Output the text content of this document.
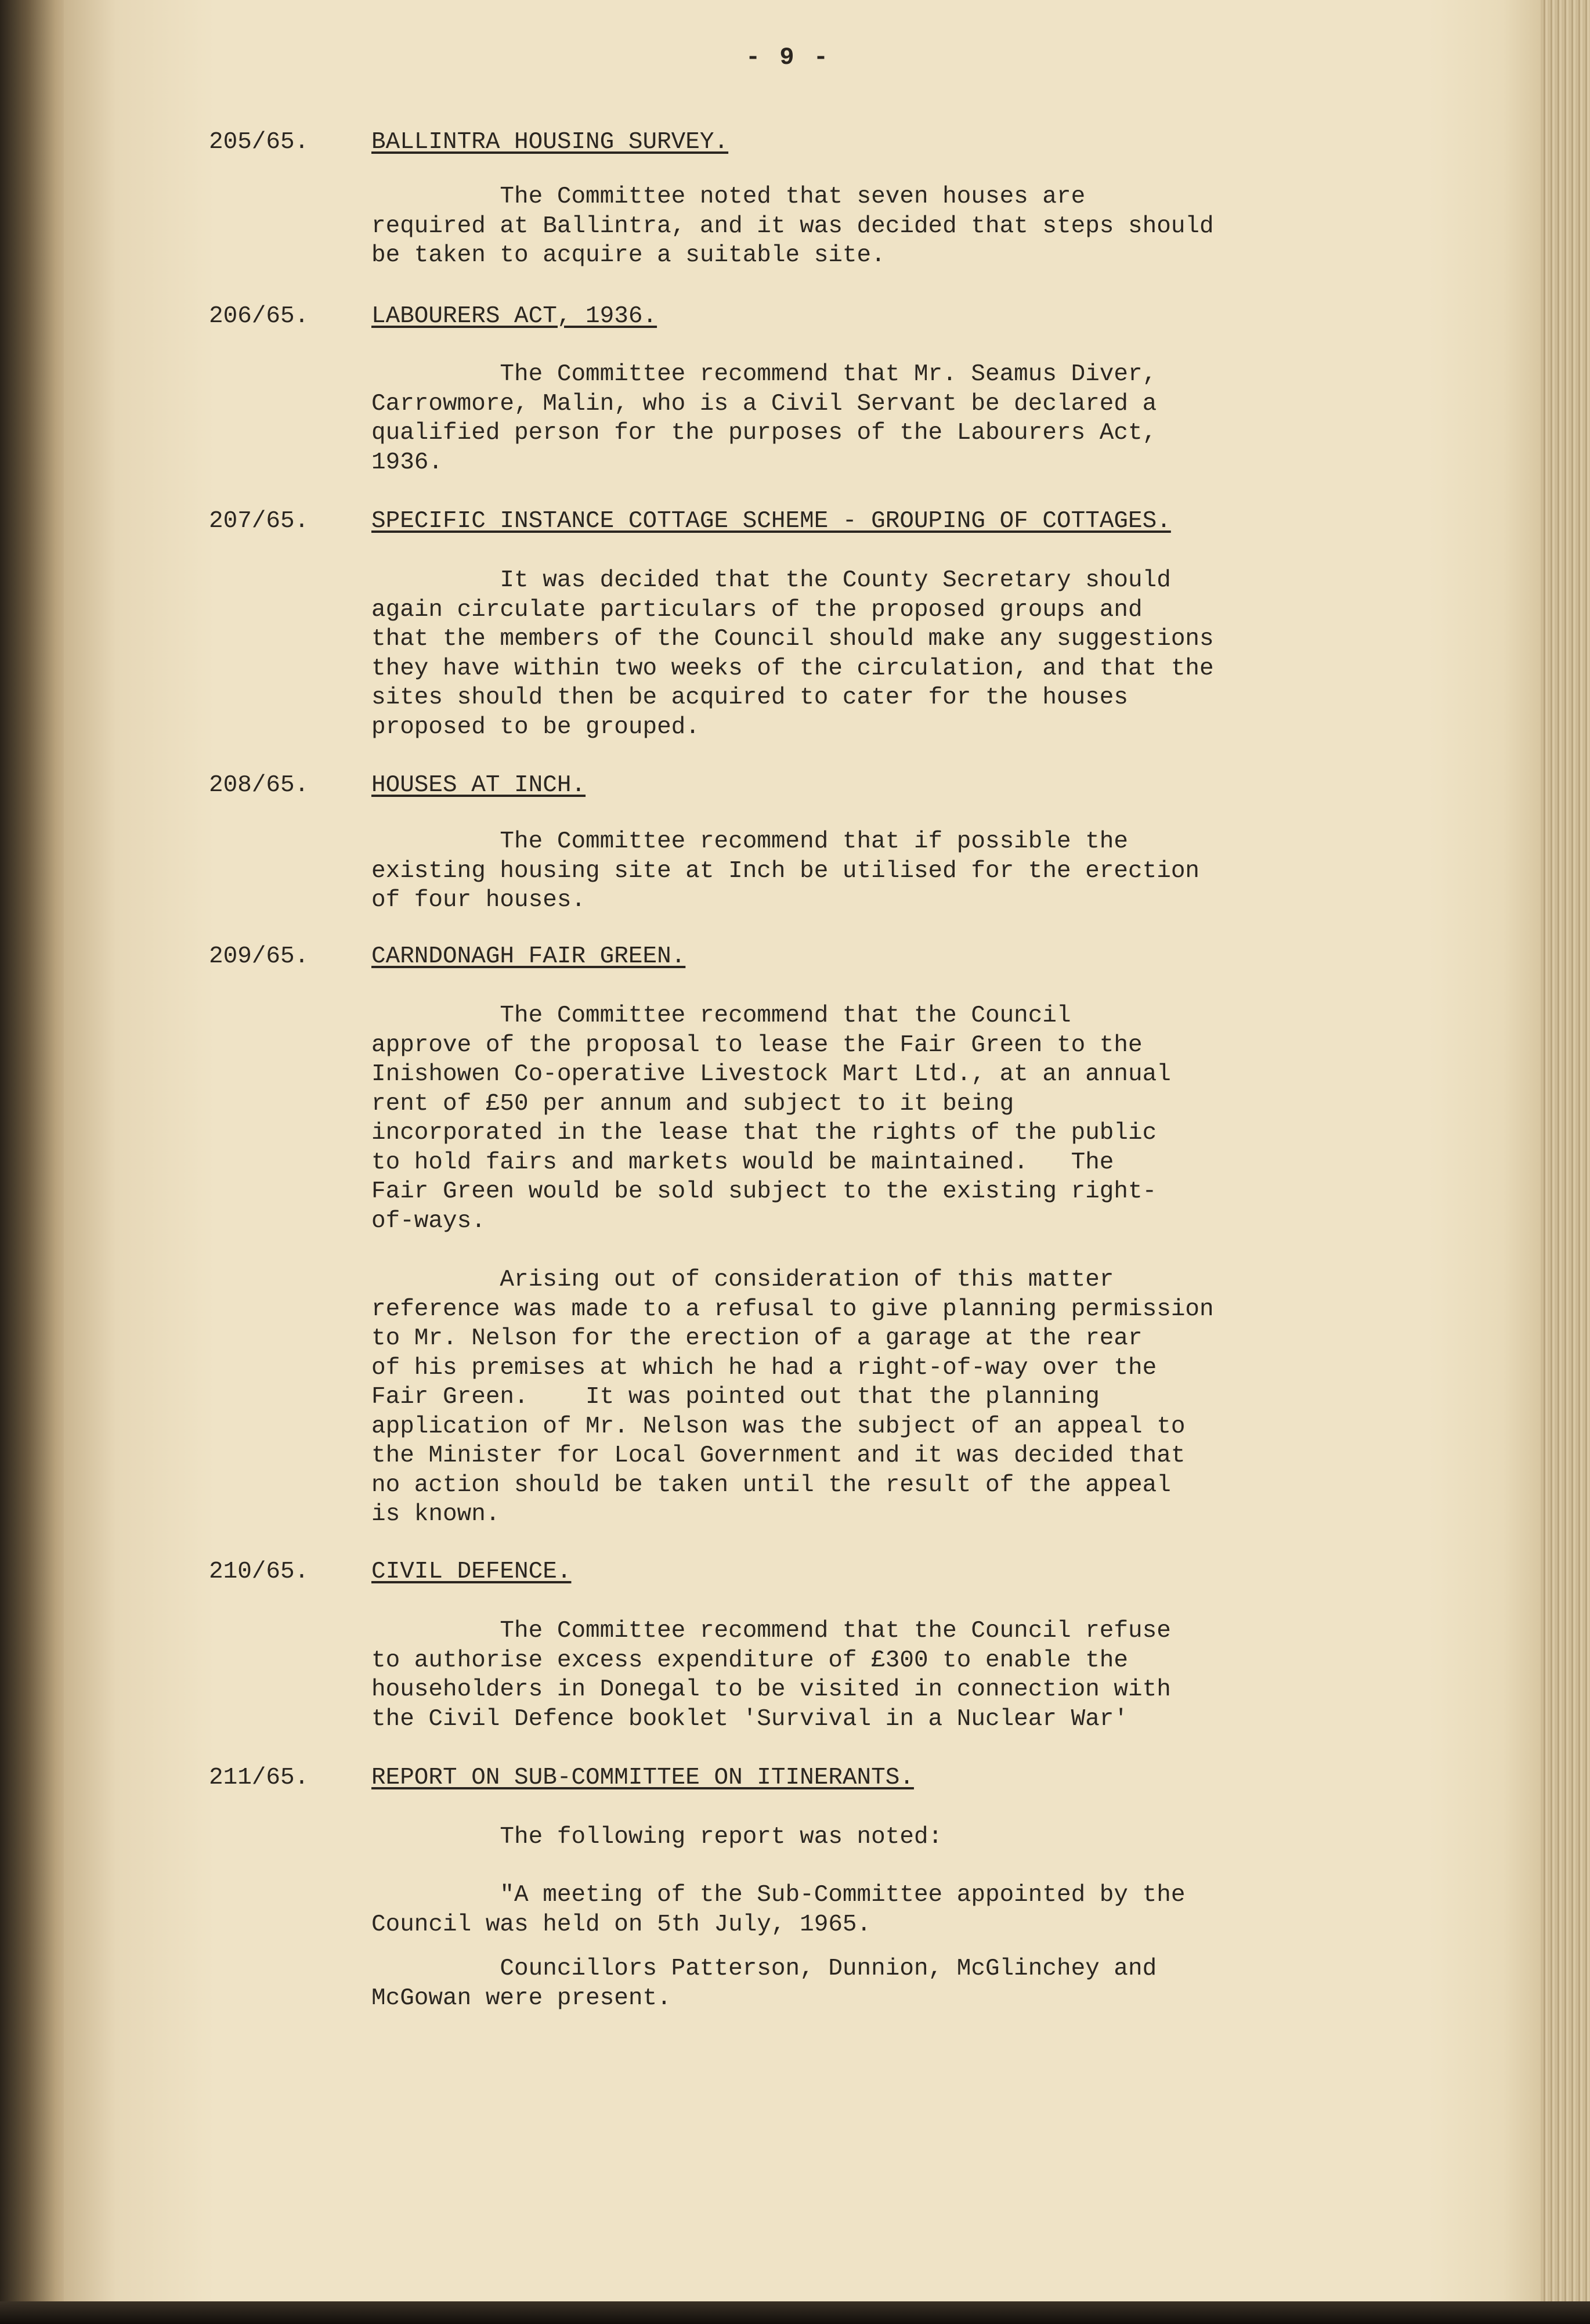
- 9 -
205/65.	BALLINTRA HOUSING SURVEY.
The Committee noted that seven houses are
required at Ballintra, and it was decided that steps should
be taken to acquire a suitable site.
206/65.	LABOURERS ACT, 1936.
The Committee recommend that Mr. Seamus Diver,
Carrowmore, Malin, who is a Civil Servant be declared a
qualified person for the purposes of the Labourers Act,
1936.
207/65.	SPECIFIC INSTANCE COTTAGE SCHEME - GROUPING OF COTTAGES.
It was decided that the County Secretary should
again circulate particulars of the proposed groups and
that the members of the Council should make any suggestions
they have within two weeks of the circulation, and that the
sites should then be acquired to cater for the houses
proposed to be grouped.
208/65.	HOUSES AT INCH.
The Committee recommend that if possible the
existing housing site at Inch be utilised for the erection
of four houses.
209/65.	CARNDONAGH FAIR GREEN.
The Committee recommend that the Council
approve of the proposal to lease the Fair Green to the
Inishowen Co-operative Livestock Mart Ltd., at an annual
rent of £50 per annum and subject to it being
incorporated in the lease that the rights of the public
to hold fairs and markets would be maintained.   The
Fair Green would be sold subject to the existing right-
of-ways.
Arising out of consideration of this matter
reference was made to a refusal to give planning permission
to Mr. Nelson for the erection of a garage at the rear
of his premises at which he had a right-of-way over the
Fair Green.    It was pointed out that the planning
application of Mr. Nelson was the subject of an appeal to
the Minister for Local Government and it was decided that
no action should be taken until the result of the appeal
is known.
210/65.	CIVIL DEFENCE.
The Committee recommend that the Council refuse
to authorise excess expenditure of £300 to enable the
householders in Donegal to be visited in connection with
the Civil Defence booklet 'Survival in a Nuclear War'
211/65.	REPORT ON SUB-COMMITTEE ON ITINERANTS.
The following report was noted:
"A meeting of the Sub-Committee appointed by the
Council was held on 5th July, 1965.
Councillors Patterson, Dunnion, McGlinchey and
McGowan were present.
